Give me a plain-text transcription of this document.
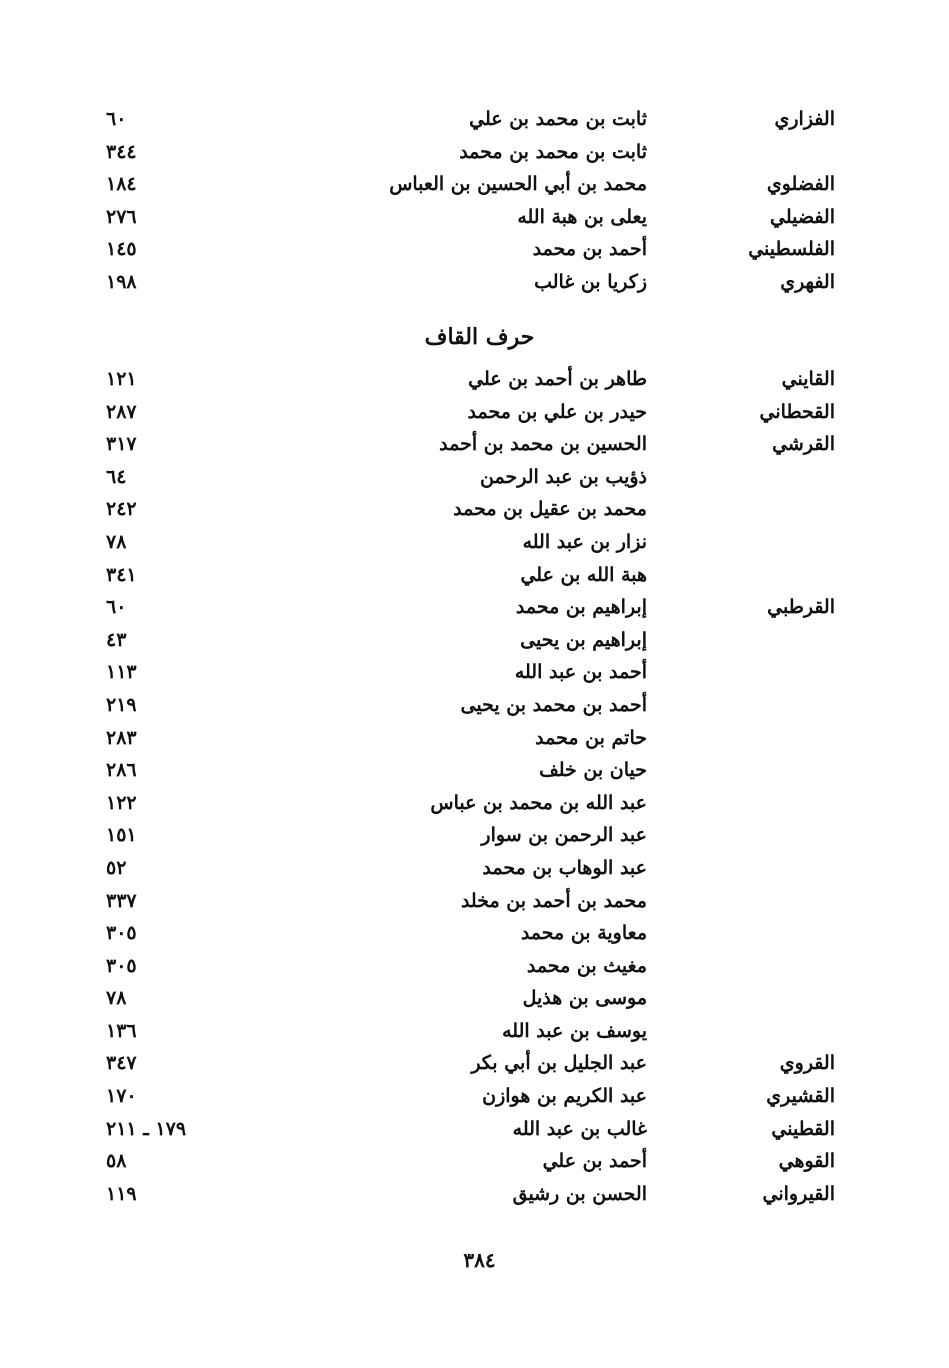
الفزاري
ثابت بن محمد بن علي
٦٠
ثابت بن محمد بن محمد
٣٤٤
الفضلوي
محمد بن أبي الحسين بن العباس
١٨٤
الفضيلي
يعلى بن هبة الله
٢٧٦
الفلسطيني
أحمد بن محمد
١٤٥
الفهري
زكريا بن غالب
١٩٨
حرف القاف
القايني
طاهر بن أحمد بن علي
١٢١
القحطاني
حيدر بن علي بن محمد
٢٨٧
القرشي
الحسين بن محمد بن أحمد
٣١٧
ذؤيب بن عبد الرحمن
٦٤
محمد بن عقيل بن محمد
٢٤٢
نزار بن عبد الله
٧٨
هبة الله بن علي
٣٤١
القرطبي
إبراهيم بن محمد
٦٠
إبراهيم بن يحيى
٤٣
أحمد بن عبد الله
١١٣
أحمد بن محمد بن يحيى
٢١٩
حاتم بن محمد
٢٨٣
حيان بن خلف
٢٨٦
عبد الله بن محمد بن عباس
١٢٢
عبد الرحمن بن سوار
١٥١
عبد الوهاب بن محمد
٥٢
محمد بن أحمد بن مخلد
٣٣٧
معاوية بن محمد
٣٠٥
مغيث بن محمد
٣٠٥
موسى بن هذيل
٧٨
يوسف بن عبد الله
١٣٦
القروي
عبد الجليل بن أبي بكر
٣٤٧
القشيري
عبد الكريم بن هوازن
١٧٠
القطيني
غالب بن عبد الله
١٧٩ ـ ٢١١
القوهي
أحمد بن علي
٥٨
القيرواني
الحسن بن رشيق
١١٩
٣٨٤
